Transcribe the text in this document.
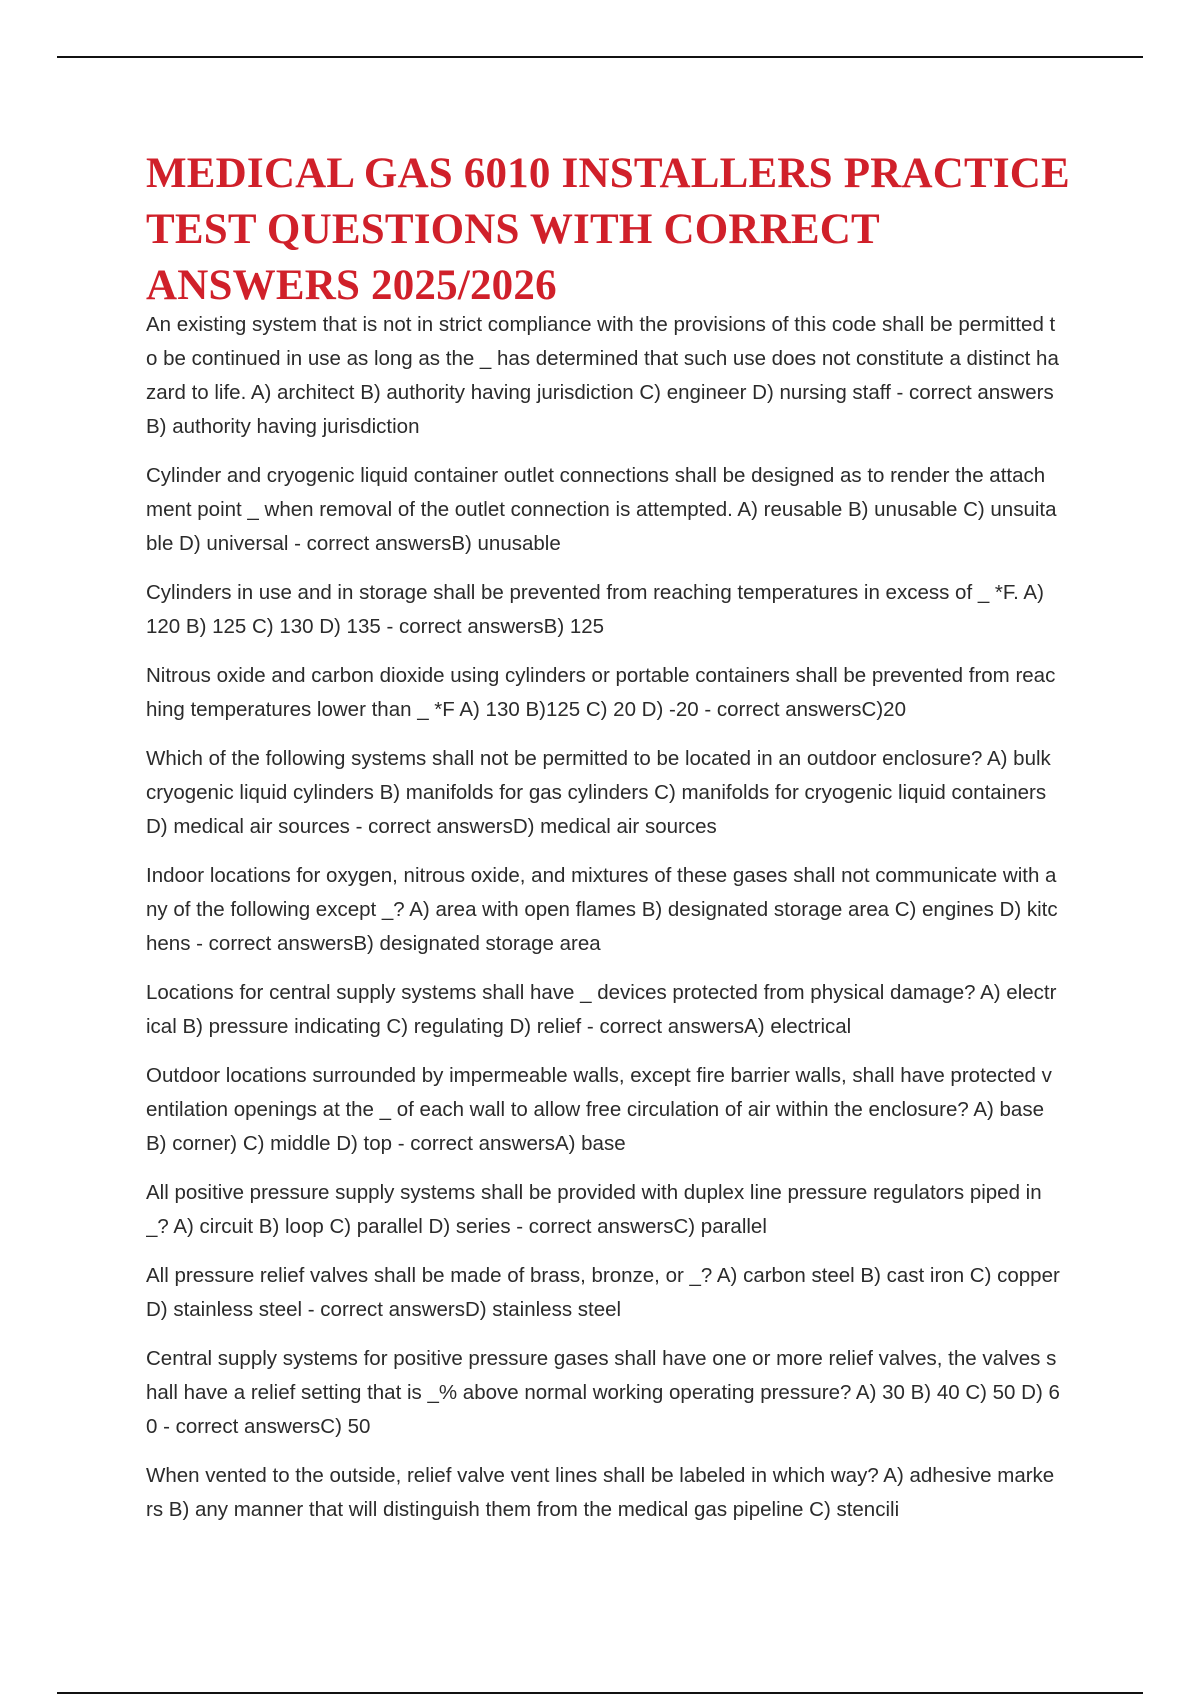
MEDICAL GAS 6010 INSTALLERS PRACTICE TEST QUESTIONS WITH CORRECT ANSWERS 2025/2026

An existing system that is not in strict compliance with the provisions of this code shall be permitted to be continued in use as long as the _ has determined that such use does not constitute a distinct hazard to life. A) architect B) authority having jurisdiction C) engineer D) nursing staff - correct answersB) authority having jurisdiction

Cylinder and cryogenic liquid container outlet connections shall be designed as to render the attachment point _ when removal of the outlet connection is attempted. A) reusable B) unusable C) unsuitable D) universal - correct answersB) unusable

Cylinders in use and in storage shall be prevented from reaching temperatures in excess of _ *F. A) 120 B) 125 C) 130 D) 135 - correct answersB) 125

Nitrous oxide and carbon dioxide using cylinders or portable containers shall be prevented from reaching temperatures lower than _ *F A) 130 B)125 C) 20 D) -20 - correct answersC)20

Which of the following systems shall not be permitted to be located in an outdoor enclosure? A) bulk cryogenic liquid cylinders B) manifolds for gas cylinders C) manifolds for cryogenic liquid containers D) medical air sources - correct answersD) medical air sources

Indoor locations for oxygen, nitrous oxide, and mixtures of these gases shall not communicate with any of the following except _? A) area with open flames B) designated storage area C) engines D) kitchens - correct answersB) designated storage area

Locations for central supply systems shall have _ devices protected from physical damage? A) electrical B) pressure indicating C) regulating D) relief - correct answersA) electrical

Outdoor locations surrounded by impermeable walls, except fire barrier walls, shall have protected ventilation openings at the _ of each wall to allow free circulation of air within the enclosure? A) base B) corner) C) middle D) top - correct answersA) base

All positive pressure supply systems shall be provided with duplex line pressure regulators piped in _? A) circuit B) loop C) parallel D) series - correct answersC) parallel

All pressure relief valves shall be made of brass, bronze, or _? A) carbon steel B) cast iron C) copper D) stainless steel - correct answersD) stainless steel

Central supply systems for positive pressure gases shall have one or more relief valves, the valves shall have a relief setting that is _% above normal working operating pressure? A) 30 B) 40 C) 50 D) 60 - correct answersC) 50

When vented to the outside, relief valve vent lines shall be labeled in which way? A) adhesive markers B) any manner that will distinguish them from the medical gas pipeline C) stencili
